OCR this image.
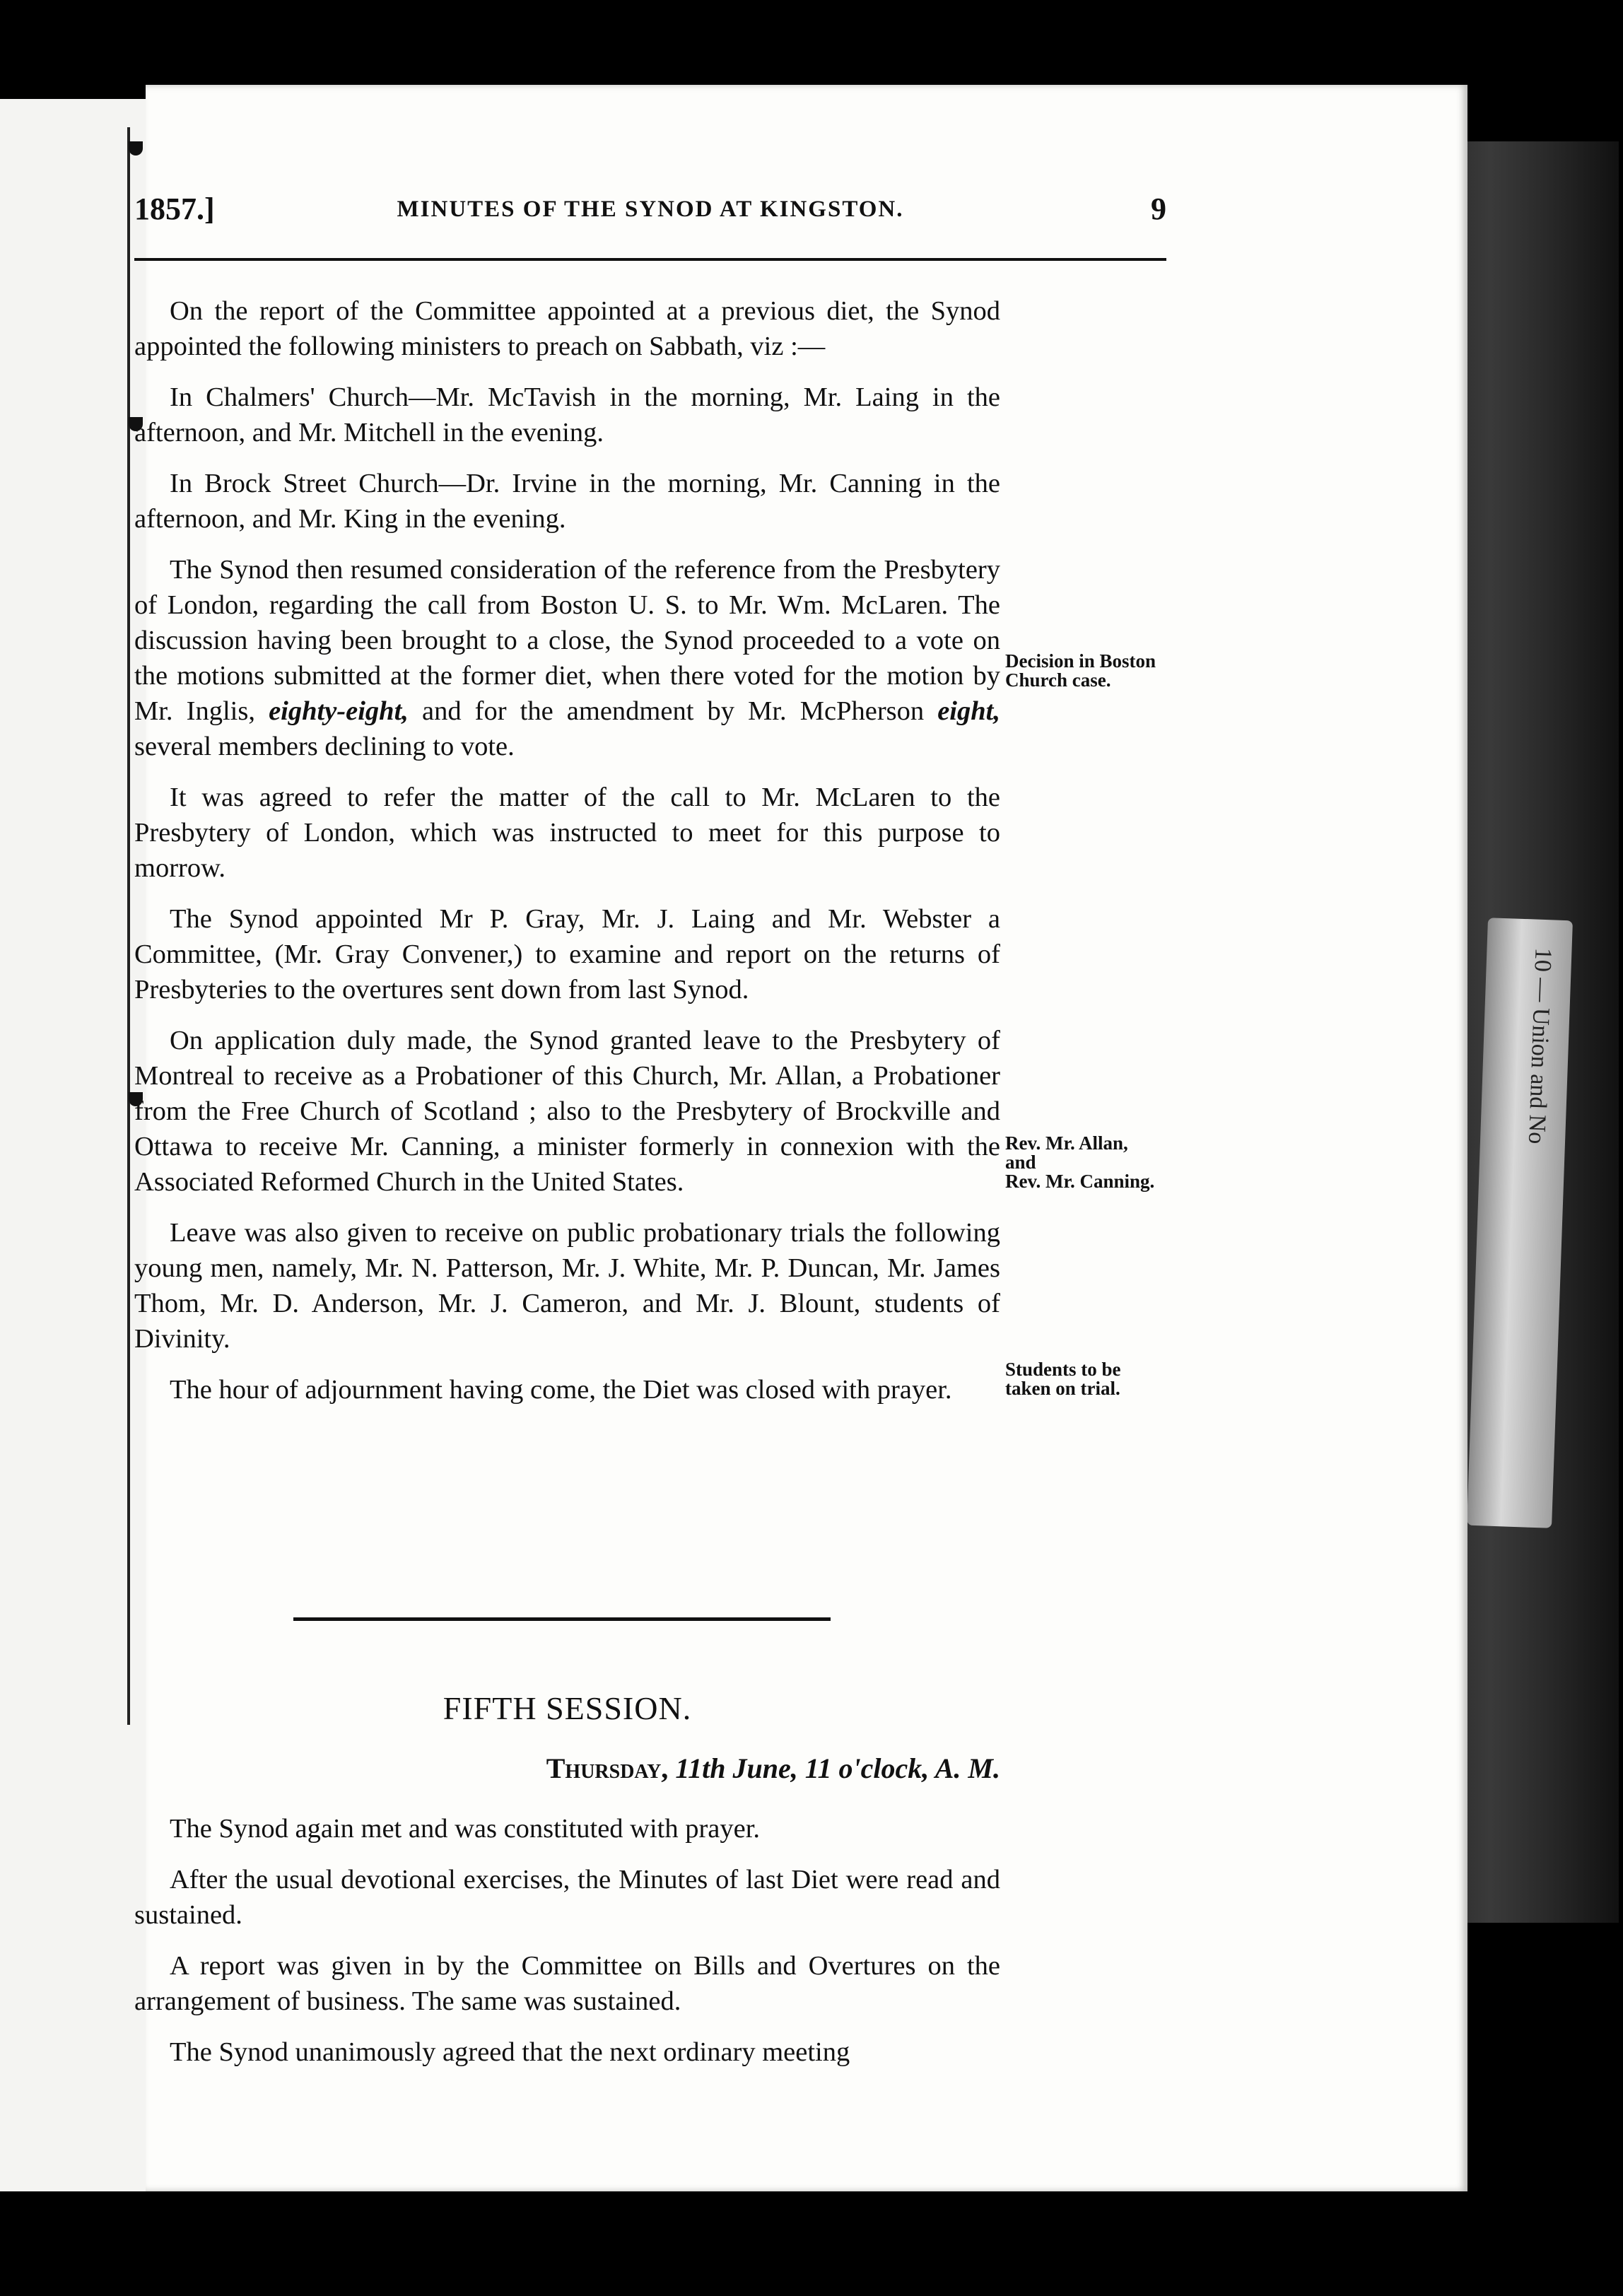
10 — Union and No
1857.]	MINUTES OF THE SYNOD AT KINGSTON.	9

On the report of the Committee appointed at a previous diet, the Synod appointed the following ministers to preach on Sabbath, viz :—

In Chalmers' Church—Mr. McTavish in the morning, Mr. Laing in the afternoon, and Mr. Mitchell in the evening.

In Brock Street Church—Dr. Irvine in the morning, Mr. Canning in the afternoon, and Mr. King in the evening.

The Synod then resumed consideration of the reference from the Presbytery of London, regarding the call from Boston U. S. to Mr. Wm. McLaren. The discussion having been brought to a close, the Synod proceeded to a vote on the motions submitted at the former diet, when there voted for the motion by Mr. Inglis, eighty-eight, and for the amendment by Mr. McPherson eight, several members declining to vote.

It was agreed to refer the matter of the call to Mr. McLaren to the Presbytery of London, which was instructed to meet for this purpose to morrow.

The Synod appointed Mr P. Gray, Mr. J. Laing and Mr. Webster a Committee, (Mr. Gray Convener,) to examine and report on the returns of Presbyteries to the overtures sent down from last Synod.

On application duly made, the Synod granted leave to the Presbytery of Montreal to receive as a Probationer of this Church, Mr. Allan, a Probationer from the Free Church of Scotland ; also to the Presbytery of Brockville and Ottawa to receive Mr. Canning, a minister formerly in connexion with the Associated Reformed Church in the United States.

Leave was also given to receive on public probationary trials the following young men, namely, Mr. N. Patterson, Mr. J. White, Mr. P. Duncan, Mr. James Thom, Mr. D. Anderson, Mr. J. Cameron, and Mr. J. Blount, students of Divinity.

The hour of adjournment having come, the Diet was closed with prayer.

Decision in Boston Church case.
Rev. Mr. Allan,
and
Rev. Mr. Canning.
Students to be
taken on trial.
FIFTH SESSION.
Thursday, 11th June, 11 o'clock, A. M.

The Synod again met and was constituted with prayer.

After the usual devotional exercises, the Minutes of last Diet were read and sustained.

A report was given in by the Committee on Bills and Overtures on the arrangement of business. The same was sustained.

The Synod unanimously agreed that the next ordinary meeting
